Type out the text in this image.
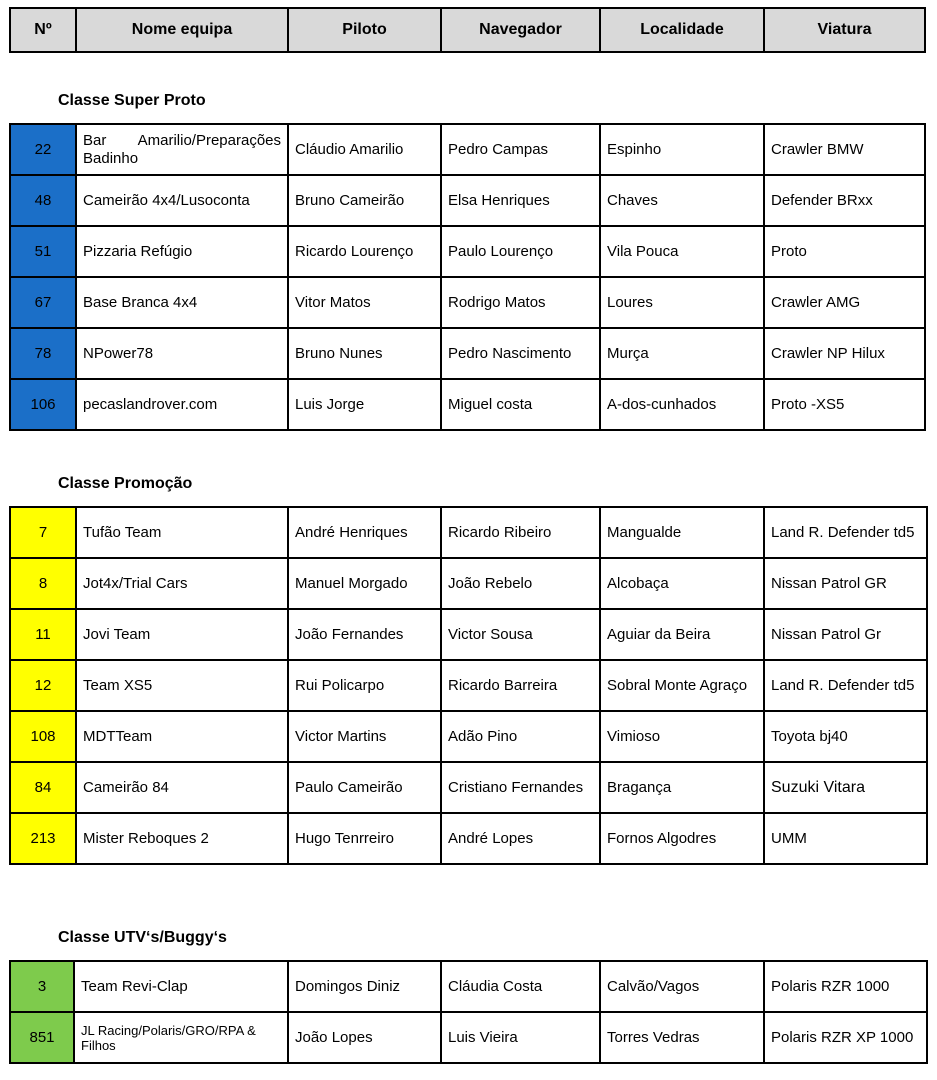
Nº	Nome equipa	Piloto	Navegador	Localidade	Viatura
Classe Super Proto
22	Bar Amarilio/Preparações Badinho	Cláudio Amarilio	Pedro Campas	Espinho	Crawler BMW
48	Cameirão 4x4/Lusoconta	Bruno Cameirão	Elsa Henriques	Chaves	Defender BRxx
51	Pizzaria Refúgio	Ricardo Lourenço	Paulo Lourenço	Vila Pouca	Proto
67	Base Branca 4x4	Vitor Matos	Rodrigo Matos	Loures	Crawler AMG
78	NPower78	Bruno Nunes	Pedro Nascimento	Murça	Crawler NP Hilux
106	pecaslandrover.com	Luis Jorge	Miguel costa	A-dos-cunhados	Proto -XS5
Classe Promoção
7	Tufão Team	André Henriques	Ricardo Ribeiro	Mangualde	Land R. Defender td5
8	Jot4x/Trial Cars	Manuel Morgado	João Rebelo	Alcobaça	Nissan Patrol GR
11	Jovi Team	João Fernandes	Victor Sousa	Aguiar da Beira	Nissan Patrol Gr
12	Team XS5	Rui Policarpo	Ricardo Barreira	Sobral Monte Agraço	Land R. Defender td5
108	MDTTeam	Victor Martins	Adão Pino	Vimioso	Toyota bj40
84	Cameirão 84	Paulo Cameirão	Cristiano Fernandes	Bragança	Suzuki Vitara
213	Mister Reboques 2	Hugo Tenrreiro	André Lopes	Fornos Algodres	UMM
Classe UTV‘s/Buggy‘s
3	Team Revi-Clap	Domingos Diniz	Cláudia Costa	Calvão/Vagos	Polaris RZR 1000
851	JL Racing/Polaris/GRO/RPA & Filhos	João Lopes	Luis Vieira	Torres Vedras	Polaris RZR XP 1000
